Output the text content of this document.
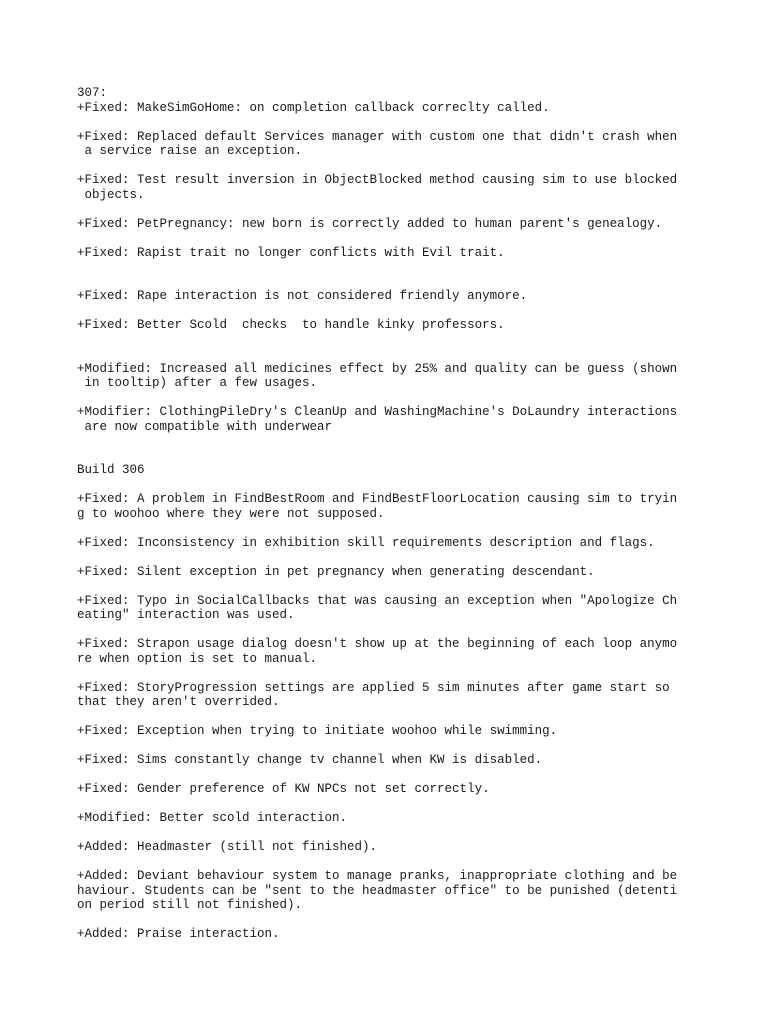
307:
+Fixed: MakeSimGoHome: on completion callback correclty called.
+Fixed: Replaced default Services manager with custom one that didn't crash when
a service raise an exception.
+Fixed: Test result inversion in ObjectBlocked method causing sim to use blocked
objects.
+Fixed: PetPregnancy: new born is correctly added to human parent's genealogy.
+Fixed: Rapist trait no longer conflicts with Evil trait.
+Fixed: Rape interaction is not considered friendly anymore.
+Fixed: Better Scold  checks  to handle kinky professors.
+Modified: Increased all medicines effect by 25% and quality can be guess (shown
in tooltip) after a few usages.
+Modifier: ClothingPileDry's CleanUp and WashingMachine's DoLaundry interactions
are now compatible with underwear
Build 306
+Fixed: A problem in FindBestRoom and FindBestFloorLocation causing sim to tryin
g to woohoo where they were not supposed.
+Fixed: Inconsistency in exhibition skill requirements description and flags.
+Fixed: Silent exception in pet pregnancy when generating descendant.
+Fixed: Typo in SocialCallbacks that was causing an exception when "Apologize Ch
eating" interaction was used.
+Fixed: Strapon usage dialog doesn't show up at the beginning of each loop anymo
re when option is set to manual.
+Fixed: StoryProgression settings are applied 5 sim minutes after game start so
that they aren't overrided.
+Fixed: Exception when trying to initiate woohoo while swimming.
+Fixed: Sims constantly change tv channel when KW is disabled.
+Fixed: Gender preference of KW NPCs not set correctly.
+Modified: Better scold interaction.
+Added: Headmaster (still not finished).
+Added: Deviant behaviour system to manage pranks, inappropriate clothing and be
haviour. Students can be "sent to the headmaster office" to be punished (detenti
on period still not finished).
+Added: Praise interaction.
